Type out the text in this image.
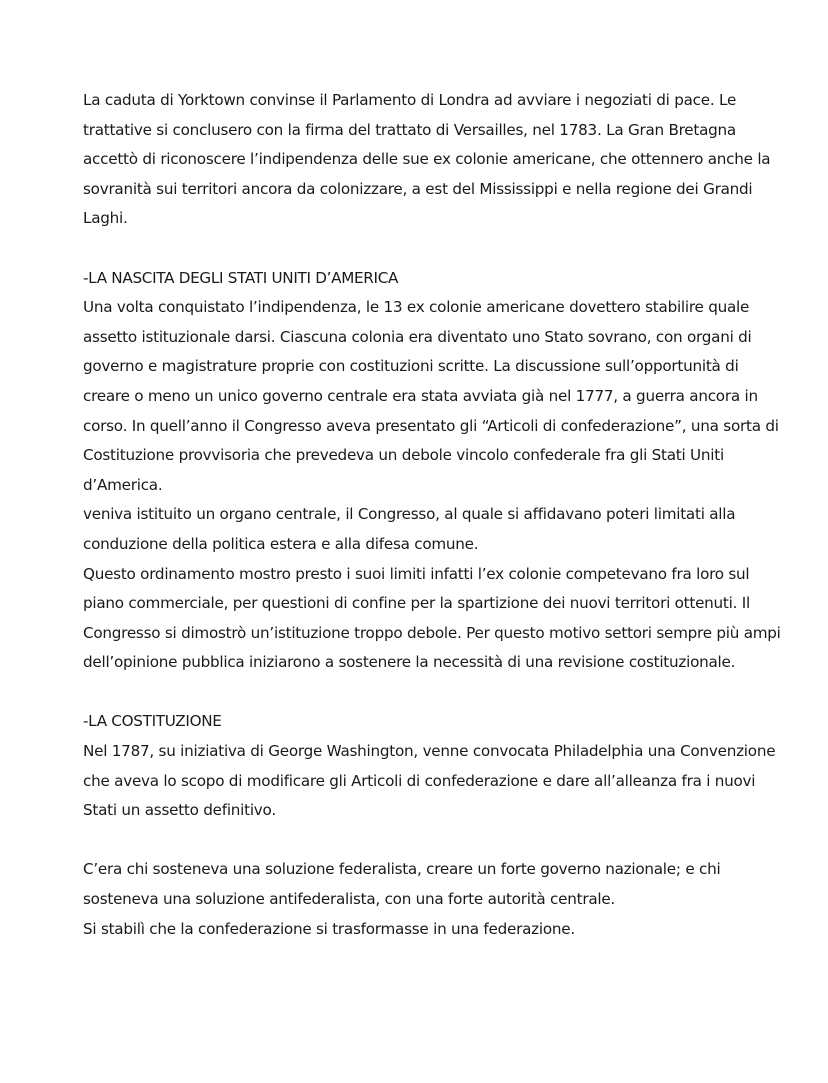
La caduta di Yorktown convinse il Parlamento di Londra ad avviare i negoziati di pace. Le
trattative si conclusero con la firma del trattato di Versailles, nel 1783. La Gran Bretagna
accettò di riconoscere l’indipendenza delle sue ex colonie americane, che ottennero anche la
sovranità sui territori ancora da colonizzare, a est del Mississippi e nella regione dei Grandi
Laghi.
-LA NASCITA DEGLI STATI UNITI D’AMERICA
Una volta conquistato l’indipendenza, le 13 ex colonie americane dovettero stabilire quale
assetto istituzionale darsi. Ciascuna colonia era diventato uno Stato sovrano, con organi di
governo e magistrature proprie con costituzioni scritte. La discussione sull’opportunità di
creare o meno un unico governo centrale era stata avviata già nel 1777, a guerra ancora in
corso. In quell’anno il Congresso aveva presentato gli “Articoli di confederazione”, una sorta di
Costituzione provvisoria che prevedeva un debole vincolo confederale fra gli Stati Uniti
d’America.
veniva istituito un organo centrale, il Congresso, al quale si affidavano poteri limitati alla
conduzione della politica estera e alla difesa comune.
Questo ordinamento mostro presto i suoi limiti infatti l’ex colonie competevano fra loro sul
piano commerciale, per questioni di confine per la spartizione dei nuovi territori ottenuti. Il
Congresso si dimostrò un’istituzione troppo debole. Per questo motivo settori sempre più ampi
dell’opinione pubblica iniziarono a sostenere la necessità di una revisione costituzionale.
-LA COSTITUZIONE
Nel 1787, su iniziativa di George Washington, venne convocata Philadelphia una Convenzione
che aveva lo scopo di modificare gli Articoli di confederazione e dare all’alleanza fra i nuovi
Stati un assetto definitivo.
C’era chi sosteneva una soluzione federalista, creare un forte governo nazionale; e chi
sosteneva una soluzione antifederalista, con una forte autorità centrale.
Si stabilì che la confederazione si trasformasse in una federazione.
